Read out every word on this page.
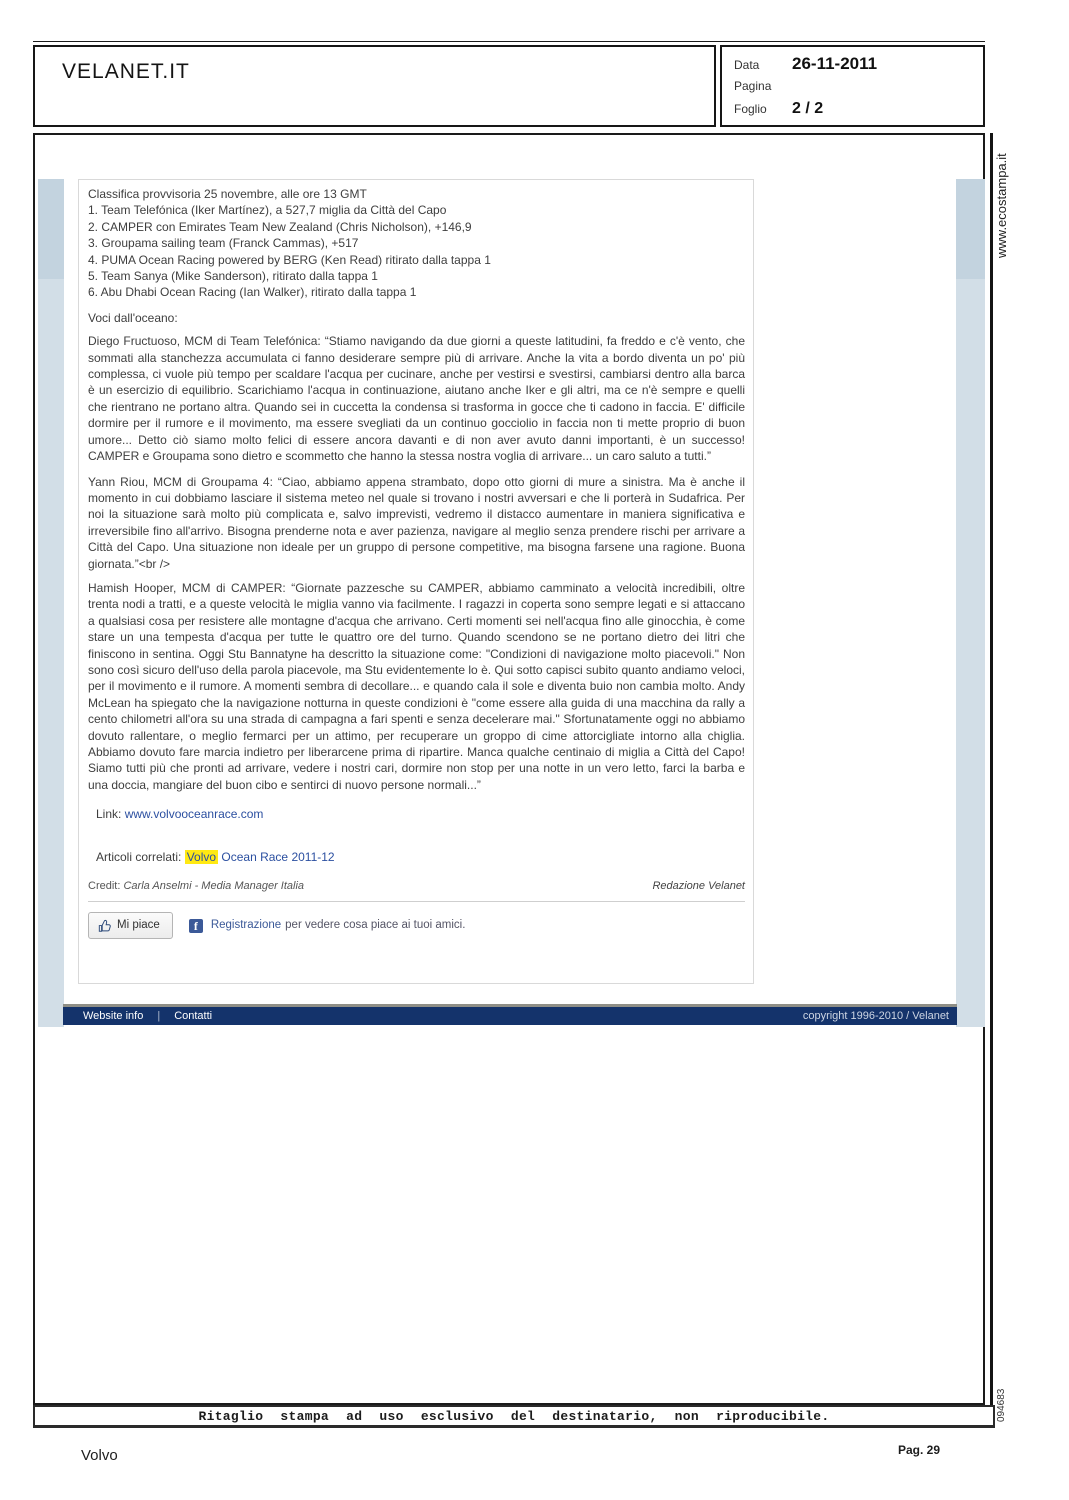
VELANET.IT	Data	26-11-2011
Pagina
Foglio	2 / 2
www.ecostampa.it
094683
Classifica provvisoria 25 novembre, alle ore 13 GMT
1. Team Telefónica (Iker Martínez), a 527,7 miglia da Città del Capo
2. CAMPER con Emirates Team New Zealand (Chris Nicholson), +146,9
3. Groupama sailing team (Franck Cammas), +517
4. PUMA Ocean Racing powered by BERG (Ken Read) ritirato dalla tappa 1
5. Team Sanya (Mike Sanderson), ritirato dalla tappa 1
6. Abu Dhabi Ocean Racing (Ian Walker), ritirato dalla tappa 1
Voci dall'oceano:
Diego Fructuoso, MCM di Team Telefónica: “Stiamo navigando da due giorni a queste latitudini, fa freddo e c'è vento, che sommati alla stanchezza accumulata ci fanno desiderare sempre più di arrivare. Anche la vita a bordo diventa un po' più complessa, ci vuole più tempo per scaldare l'acqua per cucinare, anche per vestirsi e svestirsi, cambiarsi dentro alla barca è un esercizio di equilibrio. Scarichiamo l'acqua in continuazione, aiutano anche Iker e gli altri, ma ce n'è sempre e quelli che rientrano ne portano altra. Quando sei in cuccetta la condensa si trasforma in gocce che ti cadono in faccia. E' difficile dormire per il rumore e il movimento, ma essere svegliati da un continuo gocciolio in faccia non ti mette proprio di buon umore... Detto ciò siamo molto felici di essere ancora davanti e di non aver avuto danni importanti, è un successo! CAMPER e Groupama sono dietro e scommetto che hanno la stessa nostra voglia di arrivare... un caro saluto a tutti.”
Yann Riou, MCM di Groupama 4: “Ciao, abbiamo appena strambato, dopo otto giorni di mure a sinistra. Ma è anche il momento in cui dobbiamo lasciare il sistema meteo nel quale si trovano i nostri avversari e che li porterà in Sudafrica. Per noi la situazione sarà molto più complicata e, salvo imprevisti, vedremo il distacco aumentare in maniera significativa e irreversibile fino all'arrivo. Bisogna prenderne nota e aver pazienza, navigare al meglio senza prendere rischi per arrivare a Città del Capo. Una situazione non ideale per un gruppo di persone competitive, ma bisogna farsene una ragione. Buona giornata.”<br />
Hamish Hooper, MCM di CAMPER: “Giornate pazzesche su CAMPER, abbiamo camminato a velocità incredibili, oltre trenta nodi a tratti, e a queste velocità le miglia vanno via facilmente. I ragazzi in coperta sono sempre legati e si attaccano a qualsiasi cosa per resistere alle montagne d'acqua che arrivano. Certi momenti sei nell'acqua fino alle ginocchia, è come stare un una tempesta d'acqua per tutte le quattro ore del turno. Quando scendono se ne portano dietro dei litri che finiscono in sentina. Oggi Stu Bannatyne ha descritto la situazione come: "Condizioni di navigazione molto piacevoli." Non sono così sicuro dell'uso della parola piacevole, ma Stu evidentemente lo è. Qui sotto capisci subito quanto andiamo veloci, per il movimento e il rumore. A momenti sembra di decollare... e quando cala il sole e diventa buio non cambia molto. Andy McLean ha spiegato che la navigazione notturna in queste condizioni è "come essere alla guida di una macchina da rally a cento chilometri all'ora su una strada di campagna a fari spenti e senza decelerare mai." Sfortunatamente oggi no abbiamo dovuto rallentare, o meglio fermarci per un attimo, per recuperare un groppo di cime attorcigliate intorno alla chiglia. Abbiamo dovuto fare marcia indietro per liberarcene prima di ripartire. Manca qualche centinaio di miglia a Città del Capo! Siamo tutti più che pronti ad arrivare, vedere i nostri cari, dormire non stop per una notte in un vero letto, farci la barba e una doccia, mangiare del buon cibo e sentirci di nuovo persone normali...”
Link: www.volvooceanrace.com
Articoli correlati: Volvo Ocean Race 2011-12
Credit: Carla Anselmi - Media Manager Italia	Redazione Velanet
Mi piace	f	Registrazione per vedere cosa piace ai tuoi amici.
Website info | Contatti	copyright 1996-2010 / Velanet
Ritaglio stampa ad uso esclusivo del destinatario, non riproducibile.
Volvo	Pag. 29
